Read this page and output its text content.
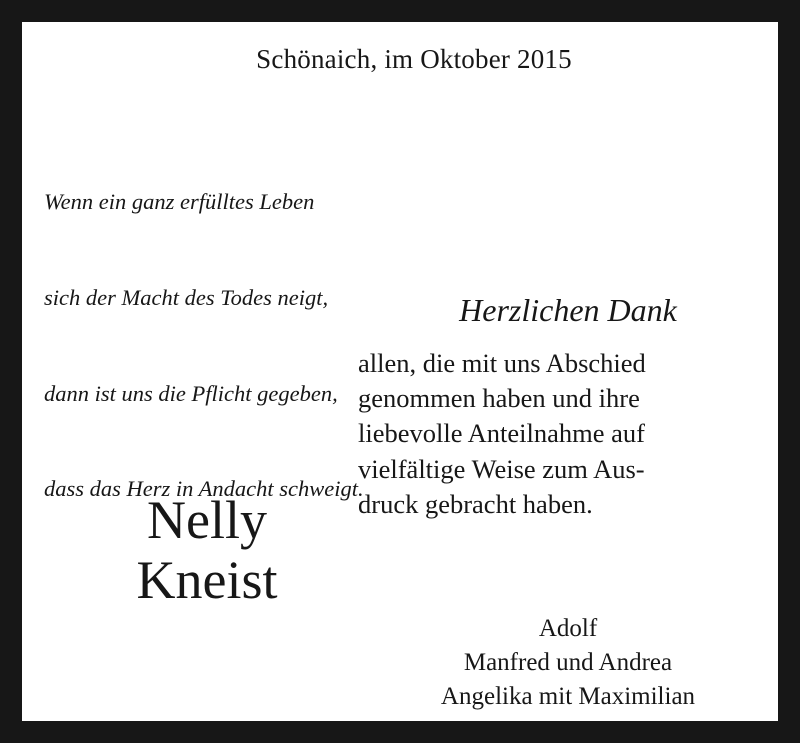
Schönaich, im Oktober 2015

Wenn ein ganz erfülltes Leben

sich der Macht des Todes neigt,

dann ist uns die Pflicht gegeben,

dass das Herz in Andacht schweigt.

Herzlichen Dank
allen, die mit uns Abschied
genommen haben und ihre
liebevolle Anteilnahme auf
vielfältige Weise zum Aus-
druck gebracht haben.
Nelly
Kneist
Adolf
Manfred und Andrea
Angelika mit Maximilian
